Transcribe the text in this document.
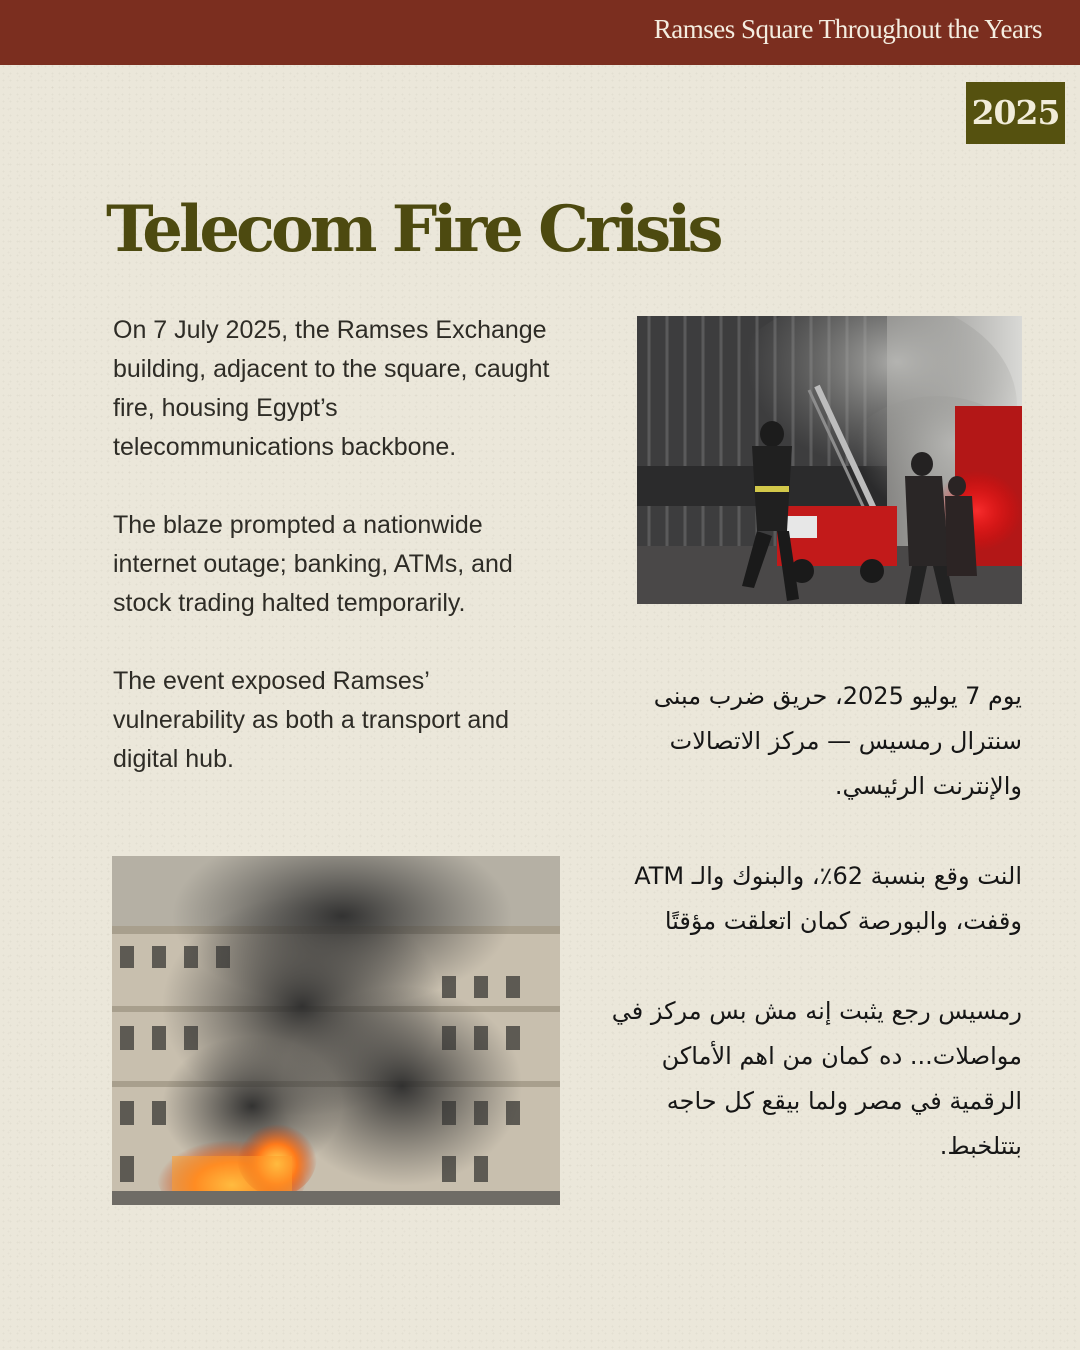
Ramses Square Throughout the Years
2025
Telecom Fire Crisis

On 7 July 2025, the Ramses Exchange building, adjacent to the square, caught fire, housing Egypt’s telecommunications backbone.

The blaze prompted a nationwide internet outage; banking, ATMs, and stock trading halted temporarily.

The event exposed Ramses’ vulnerability as both a transport and digital hub.

يوم 7 يوليو 2025، حريق ضرب مبنى سنترال رمسيس — مركز الاتصالات والإنترنت الرئيسي.

النت وقع بنسبة 62٪، والبنوك والـ ATM وقفت، والبورصة كمان اتعلقت مؤقتًا

رمسيس رجع يثبت إنه مش بس مركز في مواصلات... ده كمان من اهم الأماكن الرقمية في مصر ولما بيقع كل حاجه بتتلخبط.
